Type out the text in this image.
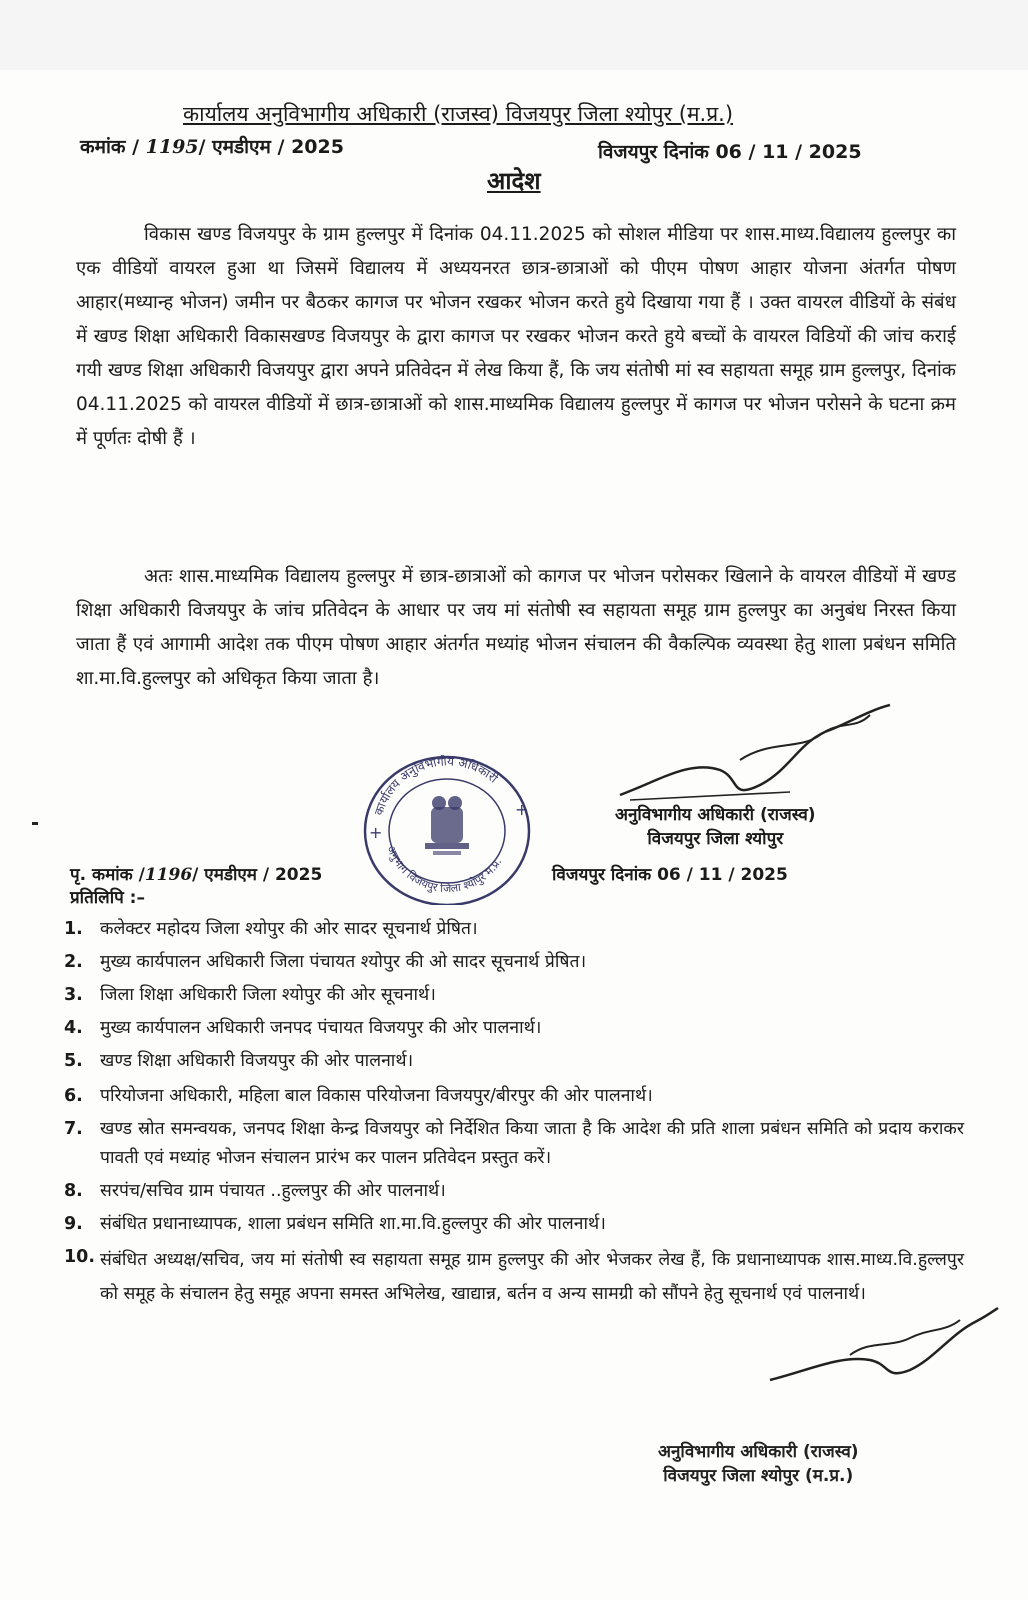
कार्यालय अनुविभागीय अधिकारी (राजस्व) विजयपुर जिला श्योपुर (म.प्र.)
कमांक / 1195/ एमडीएम / 2025	विजयपुर दिनांक 06 / 11 / 2025
आदेश
विकास खण्ड विजयपुर के ग्राम हुल्लपुर में दिनांक 04.11.2025 को सोशल मीडिया पर शास.माध्य.विद्यालय हुल्लपुर का एक वीडियों वायरल हुआ था जिसमें विद्यालय में अध्ययनरत छात्र-छात्राओं को पीएम पोषण आहार योजना अंतर्गत पोषण आहार(मध्यान्ह भोजन) जमीन पर बैठकर कागज पर भोजन रखकर भोजन करते हुये दिखाया गया हैं । उक्त वायरल वीडियों के संबंध में खण्ड शिक्षा अधिकारी विकासखण्ड विजयपुर के द्वारा कागज पर रखकर भोजन करते हुये बच्चों के वायरल विडियों की जांच कराई गयी खण्ड शिक्षा अधिकारी विजयपुर द्वारा अपने प्रतिवेदन में लेख किया हैं, कि जय संतोषी मां स्व सहायता समूह ग्राम हुल्लपुर, दिनांक 04.11.2025 को वायरल वीडियों में छात्र-छात्राओं को शास.माध्यमिक विद्यालय हुल्लपुर में कागज पर भोजन परोसने के घटना क्रम में पूर्णतः दोषी हैं ।
अतः शास.माध्यमिक विद्यालय हुल्लपुर में छात्र-छात्राओं को कागज पर भोजन परोसकर खिलाने के वायरल वीडियों में खण्ड शिक्षा अधिकारी विजयपुर के जांच प्रतिवेदन के आधार पर जय मां संतोषी स्व सहायता समूह ग्राम हुल्लपुर का अनुबंध निरस्त किया जाता हैं एवं आगामी आदेश तक पीएम पोषण आहार अंतर्गत मध्यांह भोजन संचालन की वैकल्पिक व्यवस्था हेतु शाला प्रबंधन समिति शा.मा.वि.हुल्लपुर को अधिकृत किया जाता है।
कार्यालय अनुविभागीय अधिकारी
अनुभाग विजयपुर जिला श्योपुर म.प्र.
+
+	अनुविभागीय अधिकारी (राजस्व)
विजयपुर जिला श्योपुर
पृ. कमांक /1196/ एमडीएम / 2025	विजयपुर दिनांक 06 / 11 / 2025
प्रतिलिपि :–
1. कलेक्टर महोदय जिला श्योपुर की ओर सादर सूचनार्थ प्रेषित।
2. मुख्य कार्यपालन अधिकारी जिला पंचायत श्योपुर की ओ सादर सूचनार्थ प्रेषित।
3. जिला शिक्षा अधिकारी जिला श्योपुर की ओर सूचनार्थ।
4. मुख्य कार्यपालन अधिकारी जनपद पंचायत विजयपुर की ओर पालनार्थ।
5. खण्ड शिक्षा अधिकारी विजयपुर की ओर पालनार्थ।
6. परियोजना अधिकारी, महिला बाल विकास परियोजना विजयपुर/बीरपुर की ओर पालनार्थ।
7. खण्ड स्रोत समन्वयक, जनपद शिक्षा केन्द्र विजयपुर को निर्देशित किया जाता है कि आदेश की प्रति शाला प्रबंधन समिति को प्रदाय कराकर पावती एवं मध्यांह भोजन संचालन प्रारंभ कर पालन प्रतिवेदन प्रस्तुत करें।
8. सरपंच/सचिव ग्राम पंचायत ..हुल्लपुर की ओर पालनार्थ।
9. संबंधित प्रधानाध्यापक, शाला प्रबंधन समिति शा.मा.वि.हुल्लपुर की ओर पालनार्थ।
10. संबंधित अध्यक्ष/सचिव, जय मां संतोषी स्व सहायता समूह ग्राम हुल्लपुर की ओर भेजकर लेख हैं, कि प्रधानाध्यापक शास.माध्य.वि.हुल्लपुर को समूह के संचालन हेतु समूह अपना समस्त अभिलेख, खाद्यान्न, बर्तन व अन्य सामग्री को सौंपने हेतु सूचनार्थ एवं पालनार्थ।
अनुविभागीय अधिकारी (राजस्व)
विजयपुर जिला श्योपुर (म.प्र.)
